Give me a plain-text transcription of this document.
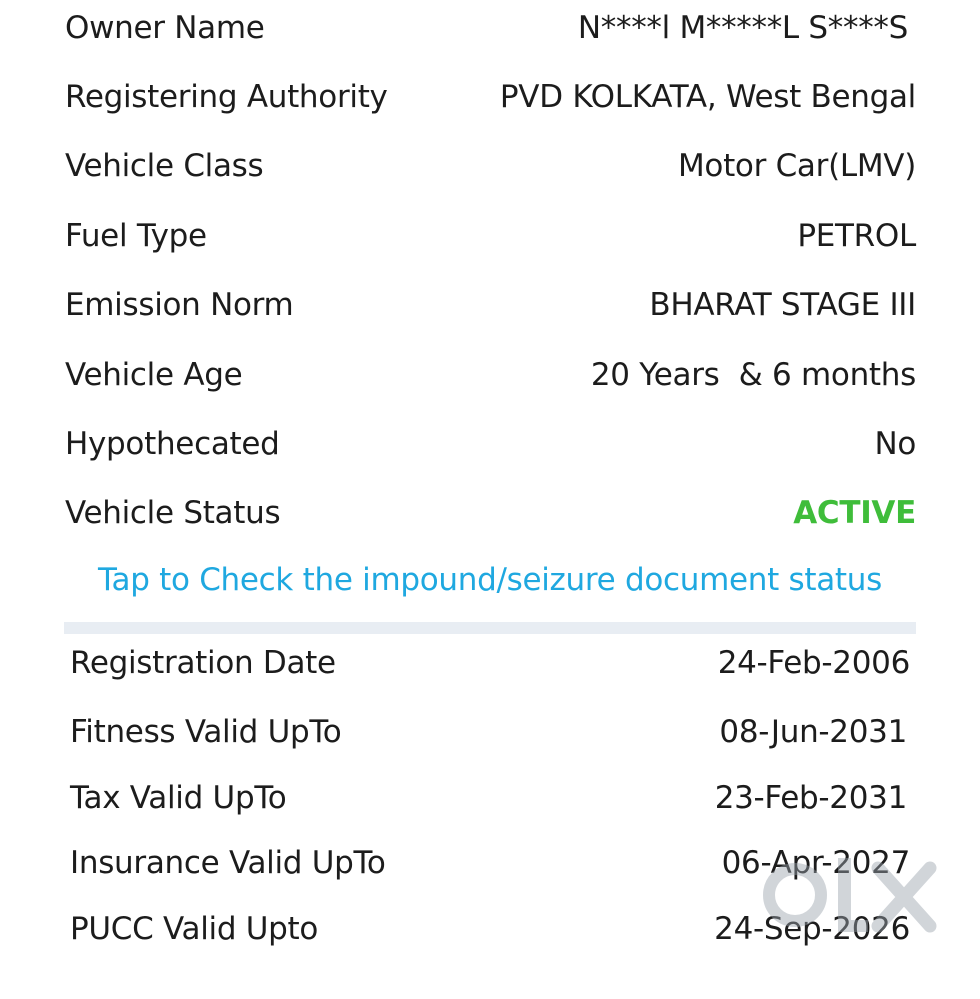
Owner Name	N****l M*****L S****S
Registering Authority	PVD KOLKATA, West Bengal
Vehicle Class	Motor Car(LMV)
Fuel Type	PETROL
Emission Norm	BHARAT STAGE III
Vehicle Age	20 Years  & 6 months
Hypothecated	No
Vehicle Status	ACTIVE
Tap to Check the impound/seizure document status
Registration Date	24-Feb-2006
Fitness Valid UpTo	08-Jun-2031
Tax Valid UpTo	23-Feb-2031
Insurance Valid UpTo	06-Apr-2027
PUCC Valid Upto	24-Sep-2026
